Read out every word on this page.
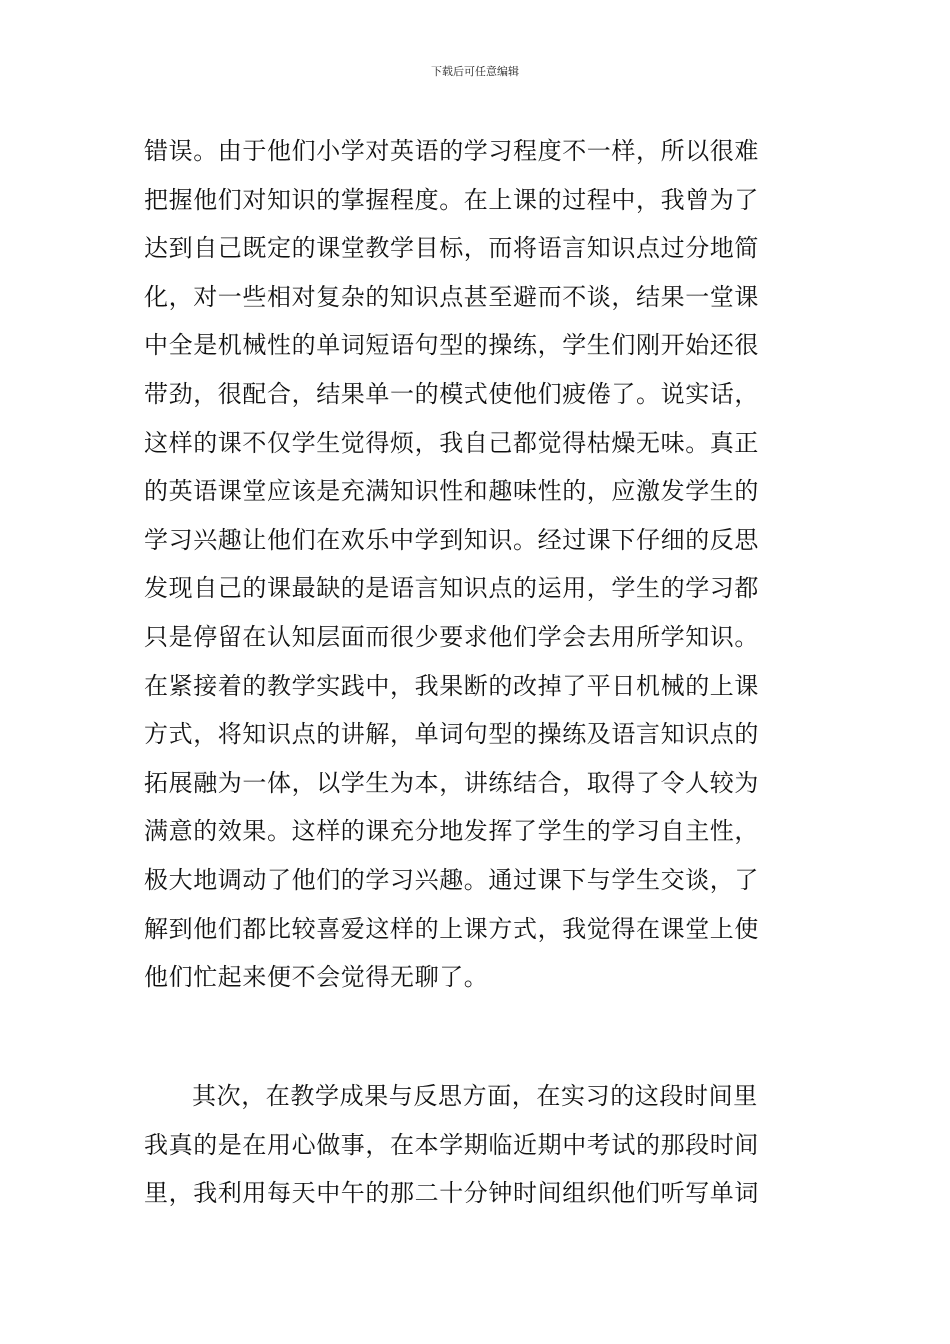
下载后可任意编辑
错误。由于他们小学对英语的学习程度不一样，所以很难
把握他们对知识的掌握程度。在上课的过程中，我曾为了
达到自己既定的课堂教学目标，而将语言知识点过分地简
化，对一些相对复杂的知识点甚至避而不谈，结果一堂课
中全是机械性的单词短语句型的操练，学生们刚开始还很
带劲，很配合，结果单一的模式使他们疲倦了。说实话，
这样的课不仅学生觉得烦，我自己都觉得枯燥无味。真正
的英语课堂应该是充满知识性和趣味性的，应激发学生的
学习兴趣让他们在欢乐中学到知识。经过课下仔细的反思
发现自己的课最缺的是语言知识点的运用，学生的学习都
只是停留在认知层面而很少要求他们学会去用所学知识。
在紧接着的教学实践中，我果断的改掉了平日机械的上课
方式，将知识点的讲解，单词句型的操练及语言知识点的
拓展融为一体，以学生为本，讲练结合，取得了令人较为
满意的效果。这样的课充分地发挥了学生的学习自主性，
极大地调动了他们的学习兴趣。通过课下与学生交谈，了
解到他们都比较喜爱这样的上课方式，我觉得在课堂上使
他们忙起来便不会觉得无聊了。
其次，在教学成果与反思方面，在实习的这段时间里
我真的是在用心做事，在本学期临近期中考试的那段时间
里，我利用每天中午的那二十分钟时间组织他们听写单词
